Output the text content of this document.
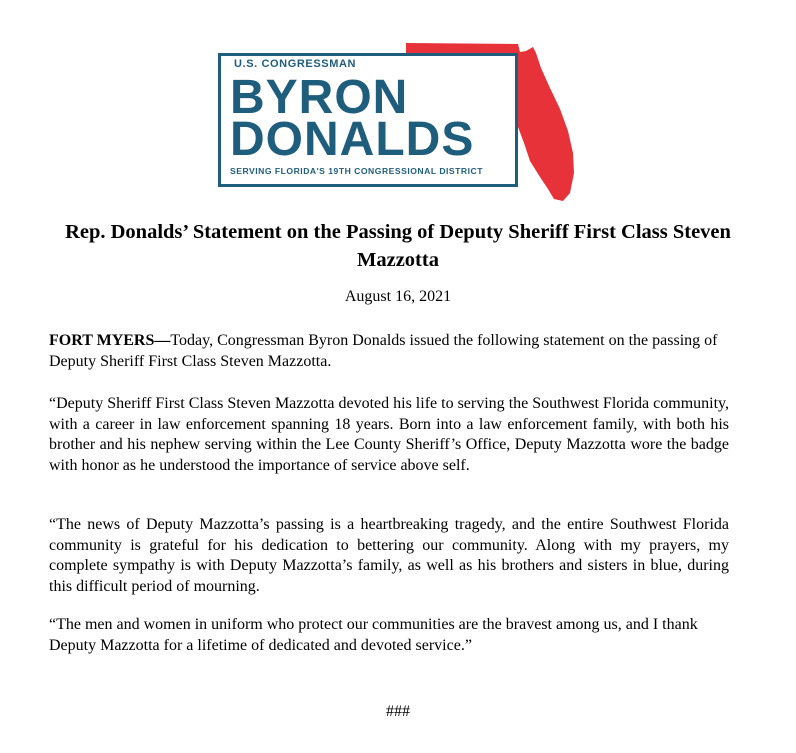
U.S. CONGRESSMAN
BYRON
DONALDS
SERVING FLORIDA'S 19TH CONGRESSIONAL DISTRICT
Rep. Donalds’ Statement on the Passing of Deputy Sheriff First Class Steven Mazzotta
August 16, 2021
FORT MYERS—Today, Congressman Byron Donalds issued the following statement on the passing of Deputy Sheriff First Class Steven Mazzotta.
“Deputy Sheriff First Class Steven Mazzotta devoted his life to serving the Southwest Florida community, with a career in law enforcement spanning 18 years. Born into a law enforcement family, with both his brother and his nephew serving within the Lee County Sheriff’s Office, Deputy Mazzotta wore the badge with honor as he understood the importance of service above self.
“The news of Deputy Mazzotta’s passing is a heartbreaking tragedy, and the entire Southwest Florida community is grateful for his dedication to bettering our community. Along with my prayers, my complete sympathy is with Deputy Mazzotta’s family, as well as his brothers and sisters in blue, during this difficult period of mourning.
“The men and women in uniform who protect our communities are the bravest among us, and I thank Deputy Mazzotta for a lifetime of dedicated and devoted service.”
###
